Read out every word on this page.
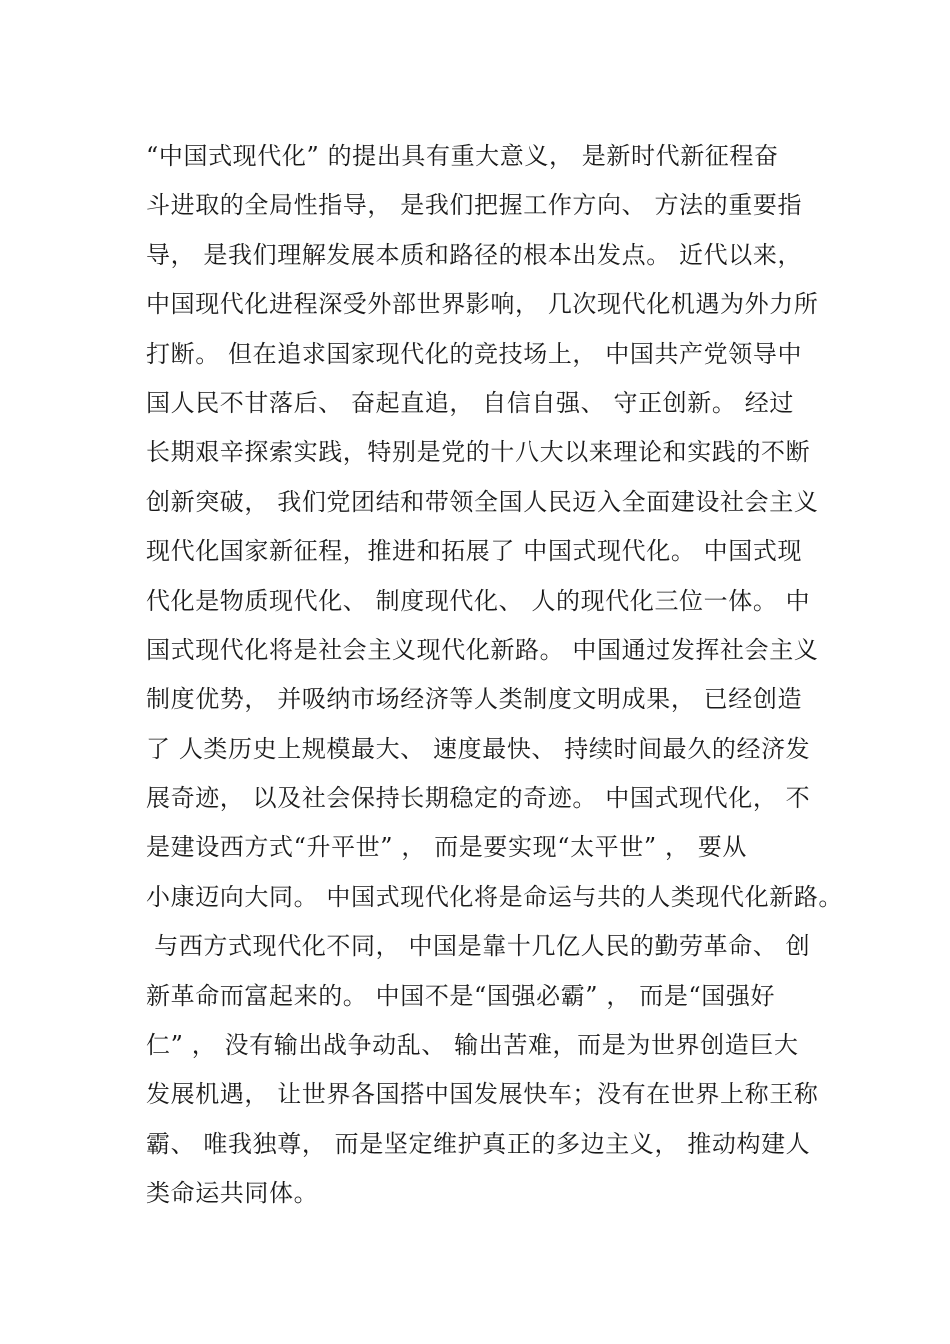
“中国式现代化” 的提出具有重大意义， 是新时代新征程奋
斗进取的全局性指导， 是我们把握工作方向、 方法的重要指
导， 是我们理解发展本质和路径的根本出发点。 近代以来，
中国现代化进程深受外部世界影响， 几次现代化机遇为外力所
打断。 但在追求国家现代化的竞技场上， 中国共产党领导中
国人民不甘落后、 奋起直追， 自信自强、 守正创新。 经过
长期艰辛探索实践，特别是党的十八大以来理论和实践的不断
创新突破， 我们党团结和带领全国人民迈入全面建设社会主义
现代化国家新征程，推进和拓展了 中国式现代化。 中国式现
代化是物质现代化、 制度现代化、 人的现代化三位一体。 中
国式现代化将是社会主义现代化新路。 中国通过发挥社会主义
制度优势， 并吸纳市场经济等人类制度文明成果， 已经创造
了 人类历史上规模最大、 速度最快、 持续时间最久的经济发
展奇迹， 以及社会保持长期稳定的奇迹。 中国式现代化， 不
是建设西方式“升平世” ， 而是要实现“太平世” ， 要从
小康迈向大同。 中国式现代化将是命运与共的人类现代化新路。
与西方式现代化不同， 中国是靠十几亿人民的勤劳革命、 创
新革命而富起来的。 中国不是“国强必霸” ， 而是“国强好
仁” ， 没有输出战争动乱、 输出苦难，而是为世界创造巨大
发展机遇， 让世界各国搭中国发展快车；没有在世界上称王称
霸、 唯我独尊， 而是坚定维护真正的多边主义， 推动构建人
类命运共同体。
